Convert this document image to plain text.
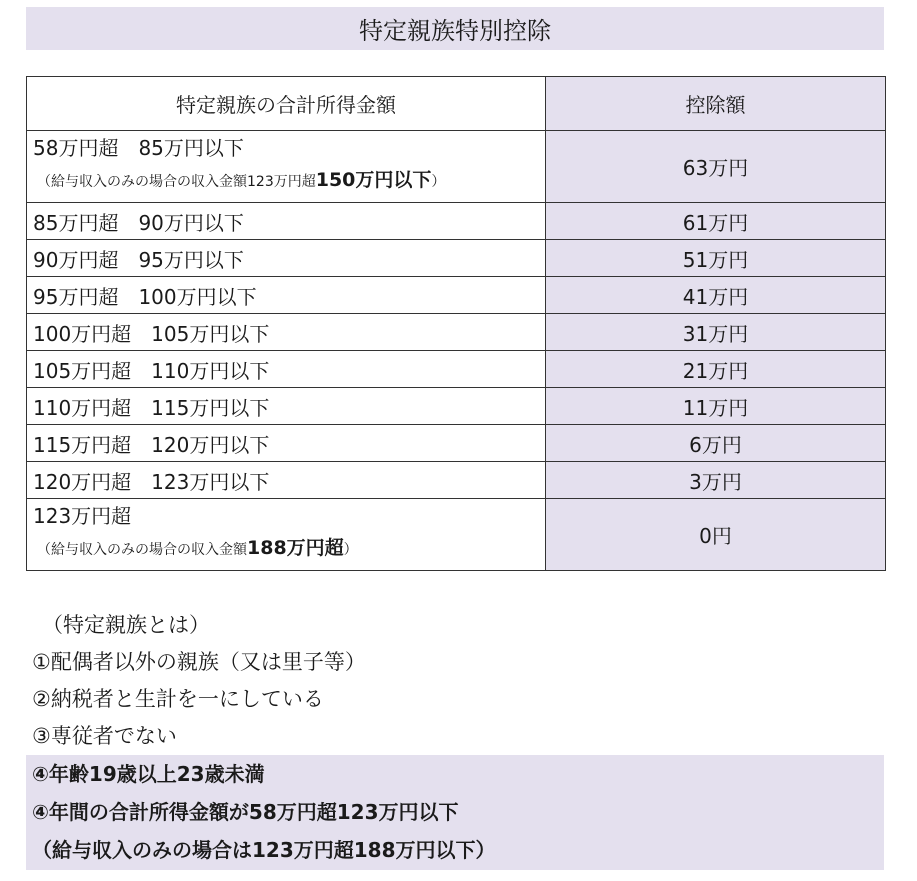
特定親族特別控除
特定親族の合計所得金額	控除額

58万円超　85万円以下
（給与収入のみの場合の収入金額123万円超150万円以下）	63万円
85万円超　90万円以下	61万円
90万円超　95万円以下	51万円
95万円超　100万円以下	41万円
100万円超　105万円以下	31万円
105万円超　110万円以下	21万円
110万円超　115万円以下	11万円
115万円超　120万円以下	6万円
120万円超　123万円以下	3万円

123万円超
（給与収入のみの場合の収入金額188万円超）	0円
（特定親族とは）
①配偶者以外の親族（又は里子等）
②納税者と生計を一にしている
③専従者でない
④年齢19歳以上23歳未満
④年間の合計所得金額が58万円超123万円以下
（給与収入のみの場合は123万円超188万円以下）
